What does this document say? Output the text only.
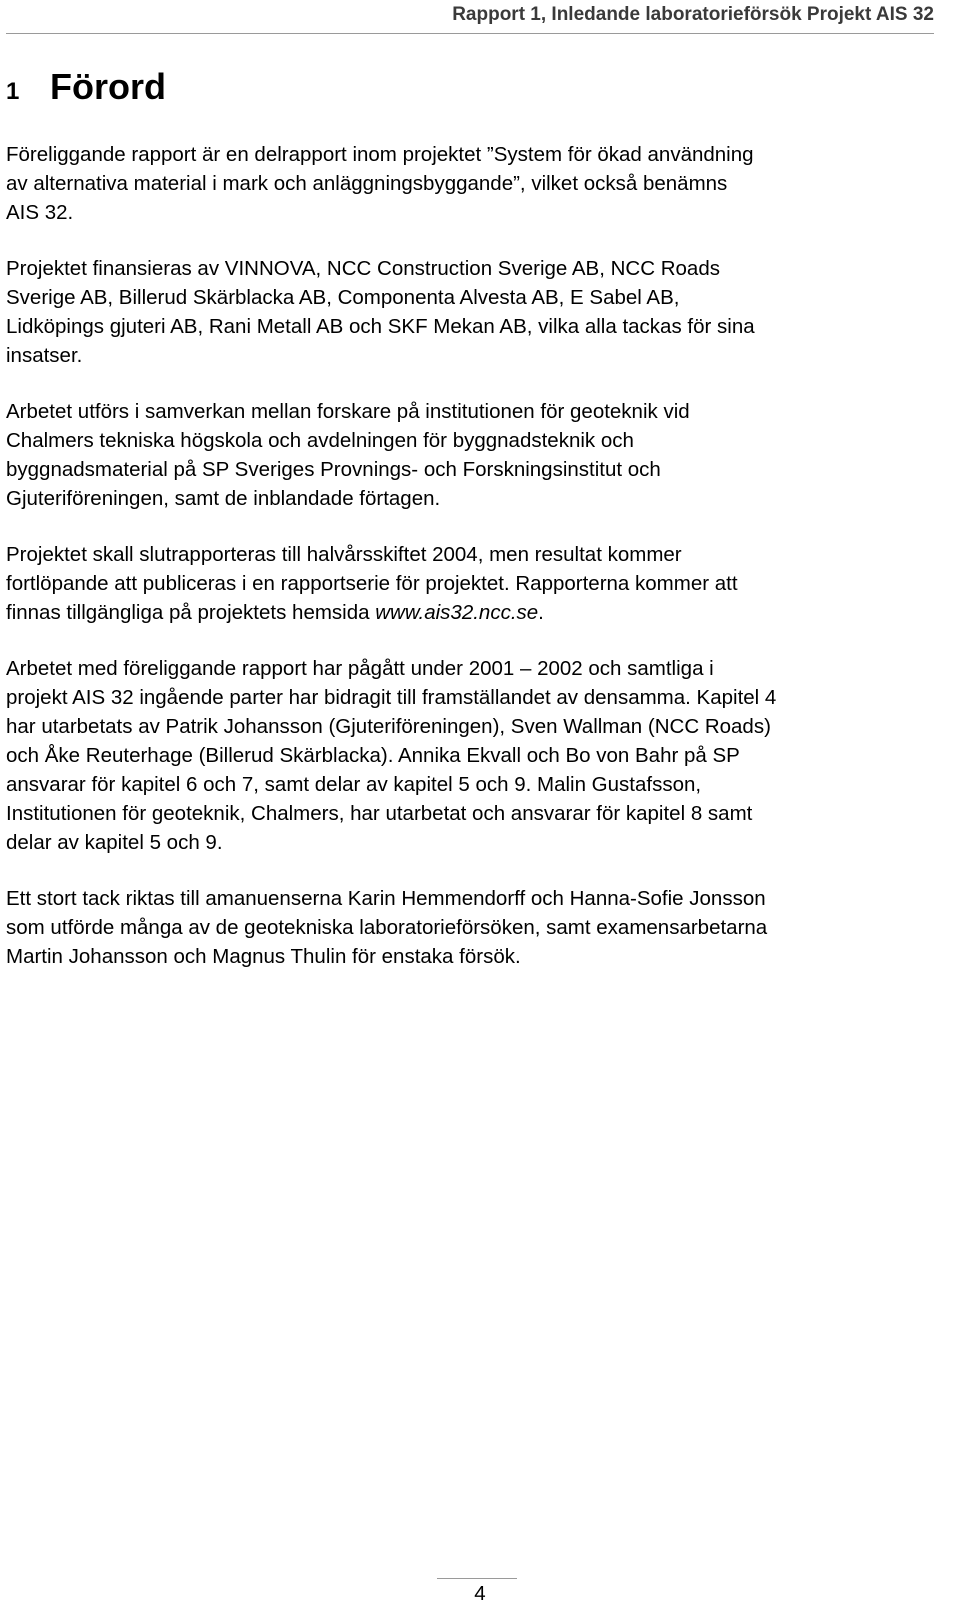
Rapport 1, Inledande laboratorieförsök Projekt AIS 32
1 Förord

Föreliggande rapport är en delrapport inom projektet ”System för ökad användning
av alternativa material i mark och anläggningsbyggande”, vilket också benämns
AIS 32.

Projektet finansieras av VINNOVA, NCC Construction Sverige AB, NCC Roads
Sverige AB, Billerud Skärblacka AB, Componenta Alvesta AB, E Sabel AB,
Lidköpings gjuteri AB, Rani Metall AB och SKF Mekan AB, vilka alla tackas för sina
insatser.

Arbetet utförs i samverkan mellan forskare på institutionen för geoteknik vid
Chalmers tekniska högskola och avdelningen för byggnadsteknik och
byggnadsmaterial på SP Sveriges Provnings- och Forskningsinstitut och
Gjuteriföreningen, samt de inblandade förtagen.

Projektet skall slutrapporteras till halvårsskiftet 2004, men resultat kommer
fortlöpande att publiceras i en rapportserie för projektet. Rapporterna kommer att
finnas tillgängliga på projektets hemsida www.ais32.ncc.se.

Arbetet med föreliggande rapport har pågått under 2001 – 2002 och samtliga i
projekt AIS 32 ingående parter har bidragit till framställandet av densamma. Kapitel 4
har utarbetats av Patrik Johansson (Gjuteriföreningen), Sven Wallman (NCC Roads)
och Åke Reuterhage (Billerud Skärblacka). Annika Ekvall och Bo von Bahr på SP
ansvarar för kapitel 6 och 7, samt delar av kapitel 5 och 9. Malin Gustafsson,
Institutionen för geoteknik, Chalmers, har utarbetat och ansvarar för kapitel 8 samt
delar av kapitel 5 och 9.

Ett stort tack riktas till amanuenserna Karin Hemmendorff och Hanna-Sofie Jonsson
som utförde många av de geotekniska laboratorieförsöken, samt examensarbetarna
Martin Johansson och Magnus Thulin för enstaka försök.

4
